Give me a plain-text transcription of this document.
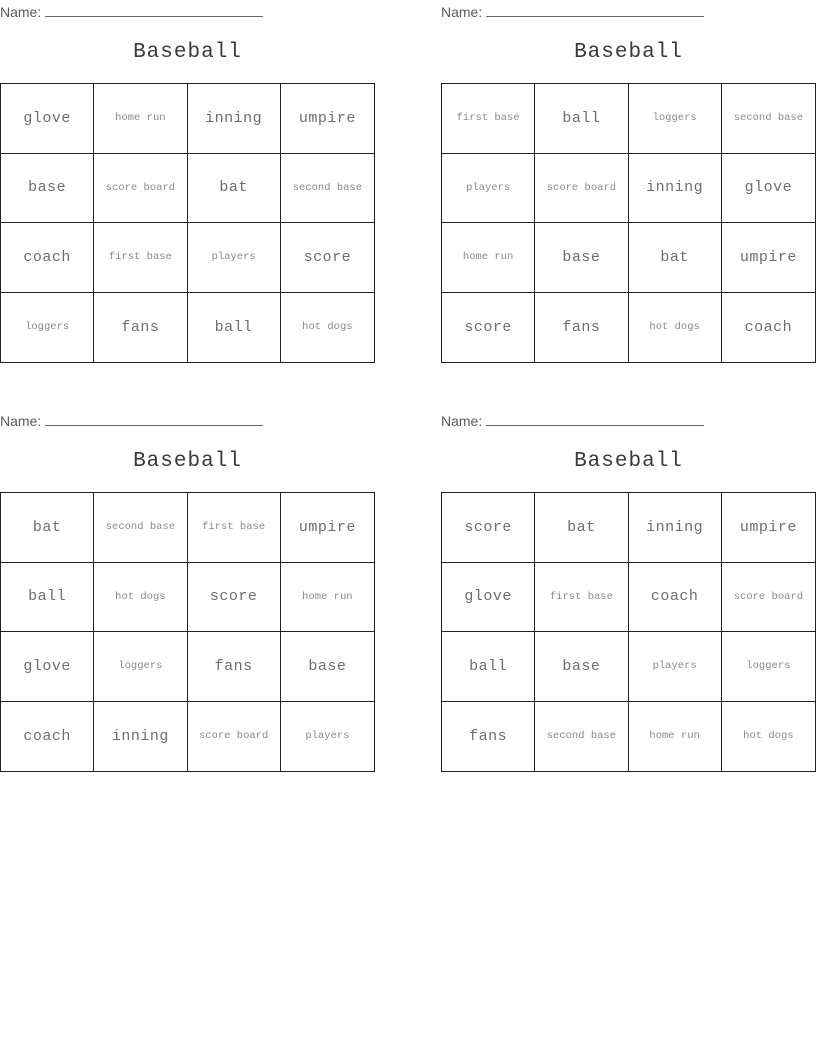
Name:
Baseball
glove	home run	inning	umpire
base	score board	bat	second base
coach	first base	players	score
loggers	fans	ball	hot dogs
Name:
Baseball
first base	ball	loggers	second base
players	score board	inning	glove
home run	base	bat	umpire
score	fans	hot dogs	coach
Name:
Baseball
bat	second base	first base	umpire
ball	hot dogs	score	home run
glove	loggers	fans	base
coach	inning	score board	players
Name:
Baseball
score	bat	inning	umpire
glove	first base	coach	score board
ball	base	players	loggers
fans	second base	home run	hot dogs
